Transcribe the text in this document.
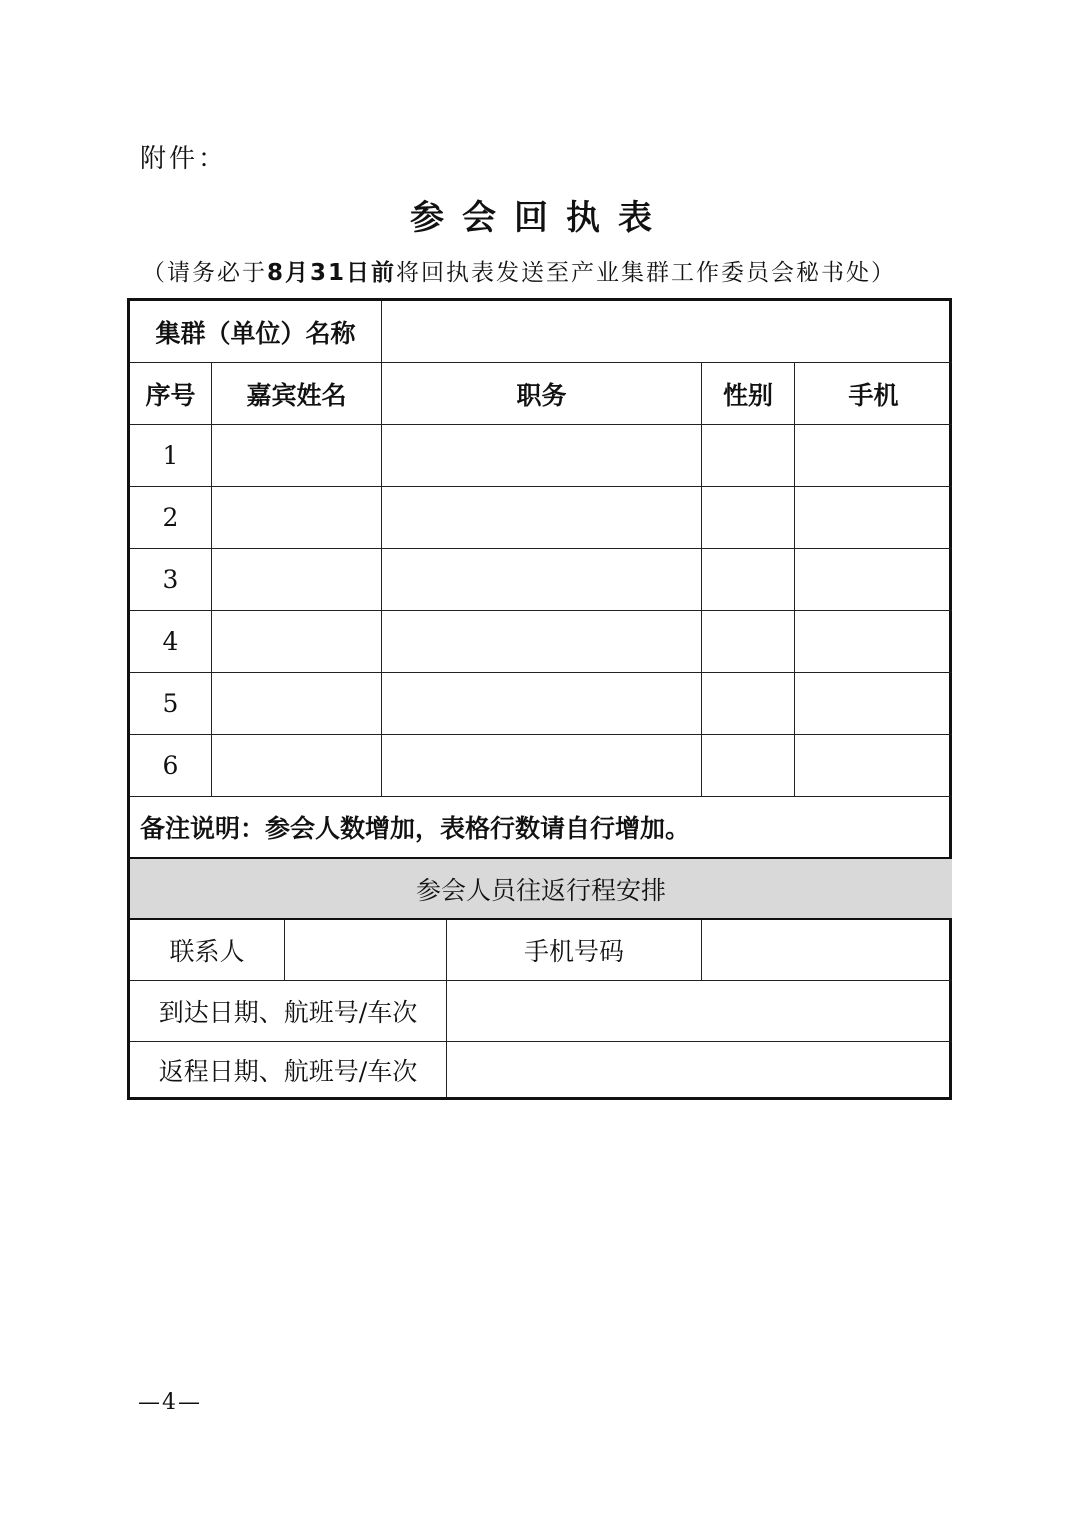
附件：
参会回执表
（请务必于8月31日前将回执表发送至产业集群工作委员会秘书处）
集群（单位）名称
序号	嘉宾姓名	职务	性别	手机
1
2
3
4
5
6
备注说明：参会人数增加，表格行数请自行增加。
参会人员往返行程安排
联系人	手机号码
到达日期、航班号/车次
返程日期、航班号/车次
—4—
